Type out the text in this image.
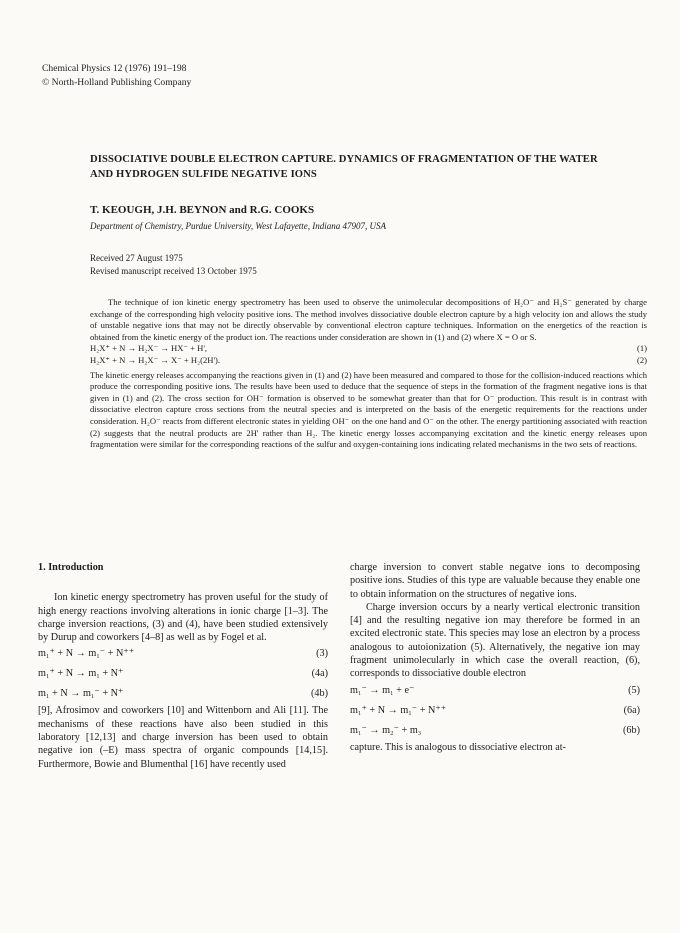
Chemical Physics 12 (1976) 191–198
© North-Holland Publishing Company
DISSOCIATIVE DOUBLE ELECTRON CAPTURE. DYNAMICS OF FRAGMENTATION OF THE WATER
AND HYDROGEN SULFIDE NEGATIVE IONS
T. KEOUGH, J.H. BEYNON and R.G. COOKS
Department of Chemistry, Purdue University, West Lafayette, Indiana 47907, USA
Received 27 August 1975
Revised manuscript received 13 October 1975

The technique of ion kinetic energy spectrometry has been used to observe the unimolecular decompositions of H₂O⁻ and H₂S⁻ generated by charge exchange of the corresponding high velocity positive ions. The method involves dissociative double electron capture by a high velocity ion and allows the study of unstable negative ions that may not be directly observable by conventional electron capture techniques. Information on the energetics of the reaction is obtained from the kinetic energy of the product ion. The reactions under consideration are shown in (1) and (2) where X = O or S.

H₂X⁺ + N → H₂X⁻ → HX⁻ + H',	(1)
H₂X⁺ + N → H₂X⁻ → X⁻ + H₂(2H').	(2)

The kinetic energy releases accompanying the reactions given in (1) and (2) have been measured and compared to those for the collision-induced reactions which produce the corresponding positive ions. The results have been used to deduce that the sequence of steps in the formation of the fragment negative ions is that given in (1) and (2). The cross section for OH⁻ formation is observed to be somewhat greater than that for O⁻ production. This result is in contrast with dissociative electron capture cross sections from the neutral species and is interpreted on the basis of the energetic requirements for the reactions under consideration. H₂O⁻ reacts from different electronic states in yielding OH⁻ on the one hand and O⁻ on the other. The energy partitioning associated with reaction (2) suggests that the neutral products are 2H' rather than H₂. The kinetic energy losses accompanying excitation and the kinetic energy releases upon fragmentation were similar for the corresponding reactions of the sulfur and oxygen-containing ions indicating related mechanisms in the two sets of reactions.

1. Introduction

Ion kinetic energy spectrometry has proven useful for the study of high energy reactions involving alterations in ionic charge [1–3]. The charge inversion reactions, (3) and (4), have been studied extensively by Durup and coworkers [4–8] as well as by Fogel et al.

m₁⁺ + N → m₁⁻ + N⁺⁺	(3)
m₁⁺ + N → m₁ + N⁺	(4a)
m₁ + N → m₁⁻ + N⁺	(4b)

[9], Afrosimov and coworkers [10] and Wittenborn and Ali [11]. The mechanisms of these reactions have also been studied in this laboratory [12,13] and charge inversion has been used to obtain negative ion (–E) mass spectra of organic compounds [14,15]. Furthermore, Bowie and Blumenthal [16] have recently used

charge inversion to convert stable negatve ions to decomposing positive ions. Studies of this type are valuable because they enable one to obtain information on the structures of negative ions.

Charge inversion occurs by a nearly vertical electronic transition [4] and the resulting negative ion may therefore be formed in an excited electronic state. This species may lose an electron by a process analogous to autoionization (5). Alternatively, the negative ion may fragment unimolecularly in which case the overall reaction, (6), corresponds to dissociative double electron

m₁⁻ → m₁ + e⁻	(5)
m₁⁺ + N → m₁⁻ + N⁺⁺	(6a)
m₁⁻ → m₂⁻ + m₃	(6b)

capture. This is analogous to dissociative electron at-
